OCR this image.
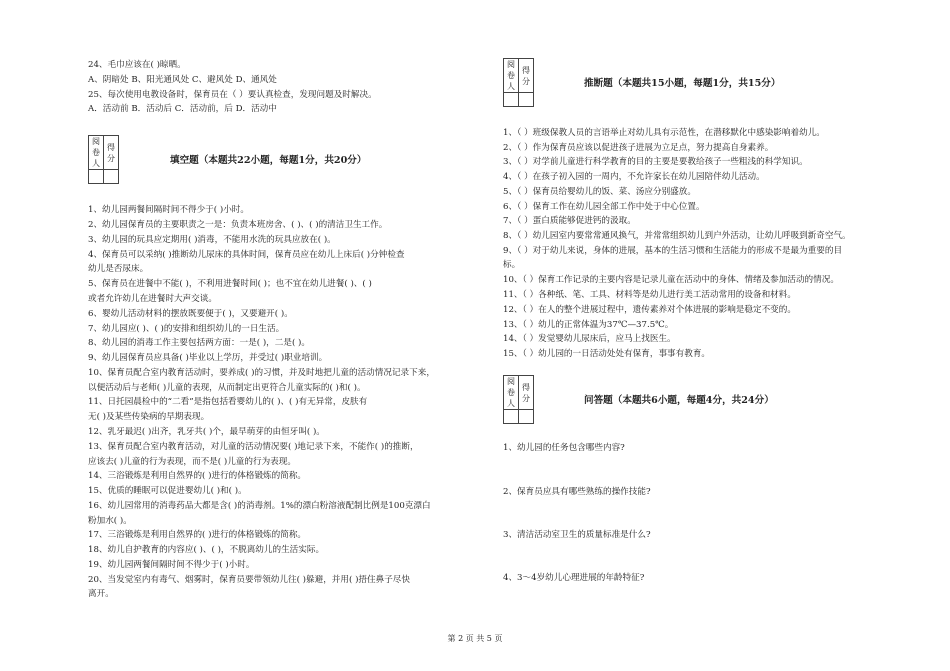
24、毛巾应该在( )晾晒。
A、阴暗处 B、阳光通风处 C、避风处 D、通风处
25、每次使用电教设备时，保育员在（ ）要认真检查，发现问题及时解决。
A．活动前 B．活动后 C．活动前，后 D．活动中
阅卷人	得分
		填空题（本题共22小题，每题1分，共20分）
1、幼儿园两餐间隔时间不得少于( )小时。
2、幼儿园保育员的主要职责之一是：负责本班房舍、( )、( )的清洁卫生工作。
3、幼儿园的玩具应定期用( )消毒，不能用水洗的玩具应放在( )。
4、保育员可以采纳( )推断幼儿尿床的具体时间，保育员应在幼儿上床后( )分钟检查
幼儿是否尿床。
5、保育员在进餐中不能( )，不利用进餐时间( )；也不宜在幼儿进餐( )、( )
或者允许幼儿在进餐时大声交谈。
6、婴幼儿活动材料的摆放既要便于( )，又要避开( )。
7、幼儿园应( )、( )的安排和组织幼儿的一日生活。
8、幼儿园的消毒工作主要包括两方面：一是( )，二是( )。
9、幼儿园保育员应具备( )毕业以上学历，并受过( )职业培训。
10、保育员配合室内教育活动时，要养成( )的习惯，并及时地把儿童的活动情况记录下来，
以便活动后与老师( )儿童的表现，从而制定出更符合儿童实际的( )和( )。
11、日托园晨检中的“二看”是指包括看婴幼儿的( )、( )有无异常，皮肤有
无( )及某些传染病的早期表现。
12、乳牙最迟( )出齐，乳牙共( )个，最早萌芽的由恒牙叫( )。
13、保育员配合室内教育活动，对儿童的活动情况要( )地记录下来，不能作( )的推断，
应该去( )儿童的行为表现，而不是( )儿童的行为表现。
14、三浴锻炼是利用自然界的( )进行的体格锻炼的简称。
15、优质的睡眠可以促进婴幼儿( )和( )。
16、幼儿园常用的消毒药品大都是含( )的消毒剂。1%的漂白粉溶液配制比例是100克漂白
粉加水( )。
17、三浴锻炼是利用自然界的( )进行的体格锻炼的简称。
18、幼儿自护教育的内容应( )、( )，不脱离幼儿的生活实际。
19、幼儿园两餐间隔时间不得少于( )小时。
20、当发觉室内有毒气、烟雾时，保育员要带领幼儿往( )躲避，并用( )捂住鼻子尽快
离开。
阅卷人	得分
		推断题（本题共15小题，每题1分，共15分）
1、（ ）班级保教人员的言语举止对幼儿具有示范性，在潜移默化中感染影响着幼儿。
2、（ ）作为保育员应该以促进孩子进展为立足点，努力提高自身素养。
3、（ ）对学前儿童进行科学教育的目的主要是要教给孩子一些粗浅的科学知识。
4、（ ）在孩子初入园的一周内，不允许家长在幼儿园陪伴幼儿活动。
5、（ ）保育员给婴幼儿的饭、菜、汤应分别盛放。
6、（ ）保育工作在幼儿园全部工作中处于中心位置。
7、（ ）蛋白质能够促进钙的汲取。
8、（ ）幼儿园室内要常常通风换气，并常常组织幼儿到户外活动，让幼儿呼吸到新奇空气。
9、（ ）对于幼儿来说，身体的进展，基本的生活习惯和生活能力的形成不是最为重要的目
标。
10、（ ）保育工作记录的主要内容是记录儿童在活动中的身体、情绪及参加活动的情况。
11、（ ）各种纸、笔、工具、材料等是幼儿进行美工活动常用的设备和材料。
12、（ ）在人的整个进展过程中，遗传素养对个体进展的影响是稳定不变的。
13、（ ）幼儿的正常体温为37℃—37.5℃。
14、（ ）发觉婴幼儿尿床后，应马上找医生。
15、（ ）幼儿园的一日活动处处有保育，事事有教育。
阅卷人	得分
		问答题（本题共6小题，每题4分，共24分）
1、幼儿园的任务包含哪些内容?
2、保育员应具有哪些熟练的操作技能?
3、清洁活动室卫生的质量标准是什么?
4、3～4岁幼儿心理进展的年龄特征?
第 2 页 共 5 页
